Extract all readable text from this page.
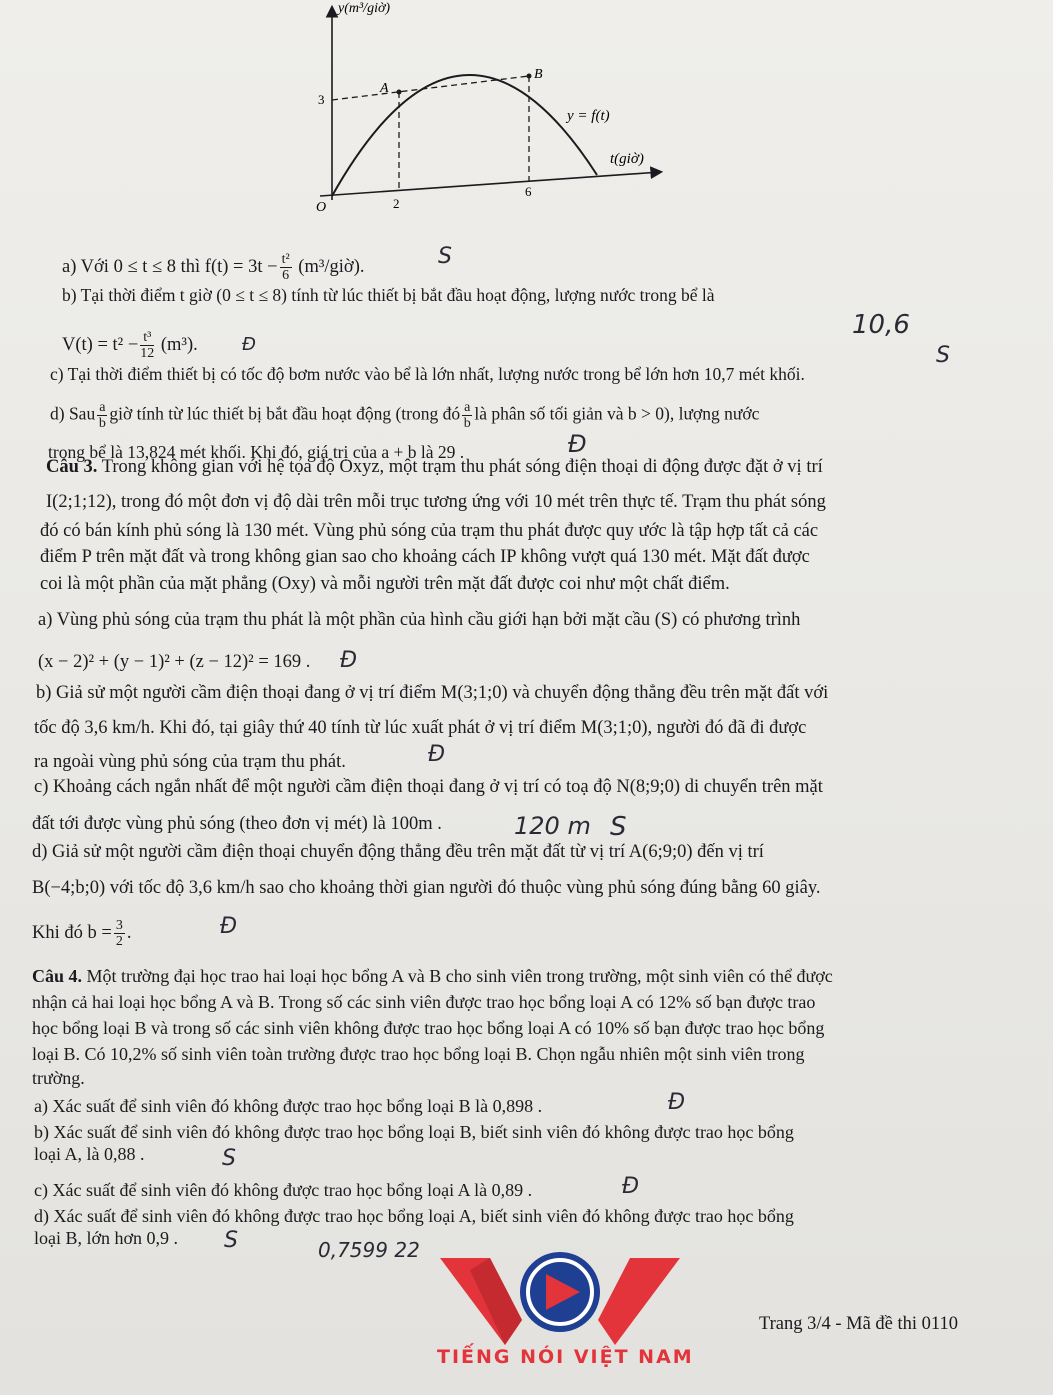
y(m³/giờ)
3
A
B
y = f(t)
t(giờ)
O	2
6
a) Với 0 ≤ t ≤ 8 thì $f(t) = 3t - \frac{\text{t²}}{6}$ (m³/giờ).	S
b) Tại thời điểm t giờ (0 ≤ t ≤ 8) tính từ lúc thiết bị bắt đầu hoạt động, lượng nước trong bể là
$V(t) = t^2 - \frac{\text{t³}}{12} (m^3)$. Đ
10,6
c) Tại thời điểm thiết bị có tốc độ bơm nước vào bể là lớn nhất, lượng nước trong bể lớn hơn 10,7 mét khối.
S
d) Sau $\frac{a}{b}$ giờ tính từ lúc thiết bị bắt đầu hoạt động (trong đó $\frac{a}{b}$ là phân số tối giản và b > 0), lượng nước
trong bể là 13,824 mét khối. Khi đó, giá trị của a + b là 29 .	Đ
Câu 3. Trong không gian với hệ tọa độ Oxyz, một trạm thu phát sóng điện thoại di động được đặt ở vị trí
I(2;1;12), trong đó một đơn vị độ dài trên mỗi trục tương ứng với 10 mét trên thực tế. Trạm thu phát sóng
đó có bán kính phủ sóng là 130 mét. Vùng phủ sóng của trạm thu phát được quy ước là tập hợp tất cả các
điểm P trên mặt đất và trong không gian sao cho khoảng cách IP không vượt quá 130 mét. Mặt đất được
coi là một phần của mặt phẳng (Oxy) và mỗi người trên mặt đất được coi như một chất điểm.
a) Vùng phủ sóng của trạm thu phát là một phần của hình cầu giới hạn bởi mặt cầu (S) có phương trình
(x − 2)² + (y − 1)² + (z − 12)² = 169 . Đ
b) Giả sử một người cầm điện thoại đang ở vị trí điểm M(3;1;0) và chuyển động thẳng đều trên mặt đất với
tốc độ 3,6 km/h. Khi đó, tại giây thứ 40 tính từ lúc xuất phát ở vị trí điểm M(3;1;0), người đó đã đi được
ra ngoài vùng phủ sóng của trạm thu phát.	Đ
c) Khoảng cách ngắn nhất để một người cầm điện thoại đang ở vị trí có toạ độ N(8;9;0) di chuyển trên mặt
đất tới được vùng phủ sóng (theo đơn vị mét) là 100m .	120 m S
d) Giả sử một người cầm điện thoại chuyển động thẳng đều trên mặt đất từ vị trí A(6;9;0) đến vị trí
B(−4;b;0) với tốc độ 3,6 km/h sao cho khoảng thời gian người đó thuộc vùng phủ sóng đúng bằng 60 giây.
Khi đó $b = \frac{3}{2}$ .	Đ
Câu 4. Một trường đại học trao hai loại học bổng A và B cho sinh viên trong trường, một sinh viên có thể được
nhận cả hai loại học bổng A và B. Trong số các sinh viên được trao học bổng loại A có 12% số bạn được trao
học bổng loại B và trong số các sinh viên không được trao học bổng loại A có 10% số bạn được trao học bổng
loại B. Có 10,2% số sinh viên toàn trường được trao học bổng loại B. Chọn ngẫu nhiên một sinh viên trong
trường.
a) Xác suất để sinh viên đó không được trao học bổng loại B là 0,898 .	Đ
b) Xác suất để sinh viên đó không được trao học bổng loại B, biết sinh viên đó không được trao học bổng
loại A, là 0,88 .	S
c) Xác suất để sinh viên đó không được trao học bổng loại A là 0,89 .	Đ
d) Xác suất để sinh viên đó không được trao học bổng loại A, biết sinh viên đó không được trao học bổng
loại B, lớn hơn 0,9 . S	0,7599 22
TIẾNG NÓI VIỆT NAM
Trang 3/4 - Mã đề thi 0110
